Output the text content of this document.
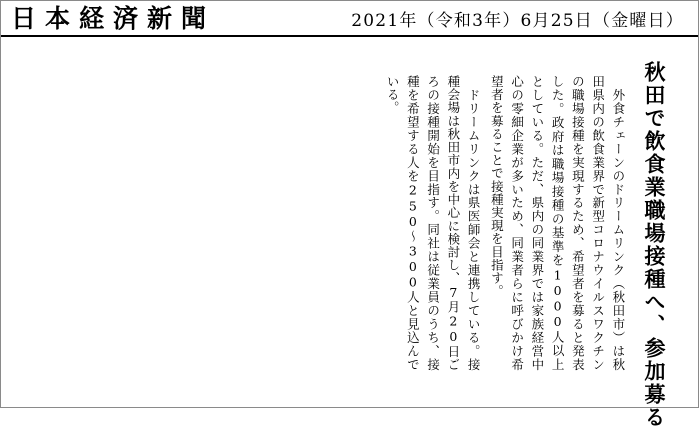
日本経済新聞	2021年（令和3年）6月25日（金曜日）
秋田で飲食業職場接種へ、参加募る
　外食チェーンのドリームリンク（秋田市）は秋田県内の飲食業界で新型コロナウイルスワクチンの職場接種を実現するため、希望者を募ると発表した。政府は職場接種の基準を1000人以上としている。ただ、県内の同業界では家族経営中心の零細企業が多いため、同業者らに呼びかけ希望者を募ることで接種実現を目指す。
　ドリームリンクは県医師会と連携している。接種会場は秋田市内を中心に検討し、7月20日ごろの接種開始を目指す。同社は従業員のうち、接種を希望する人を250～300人と見込んでいる。
